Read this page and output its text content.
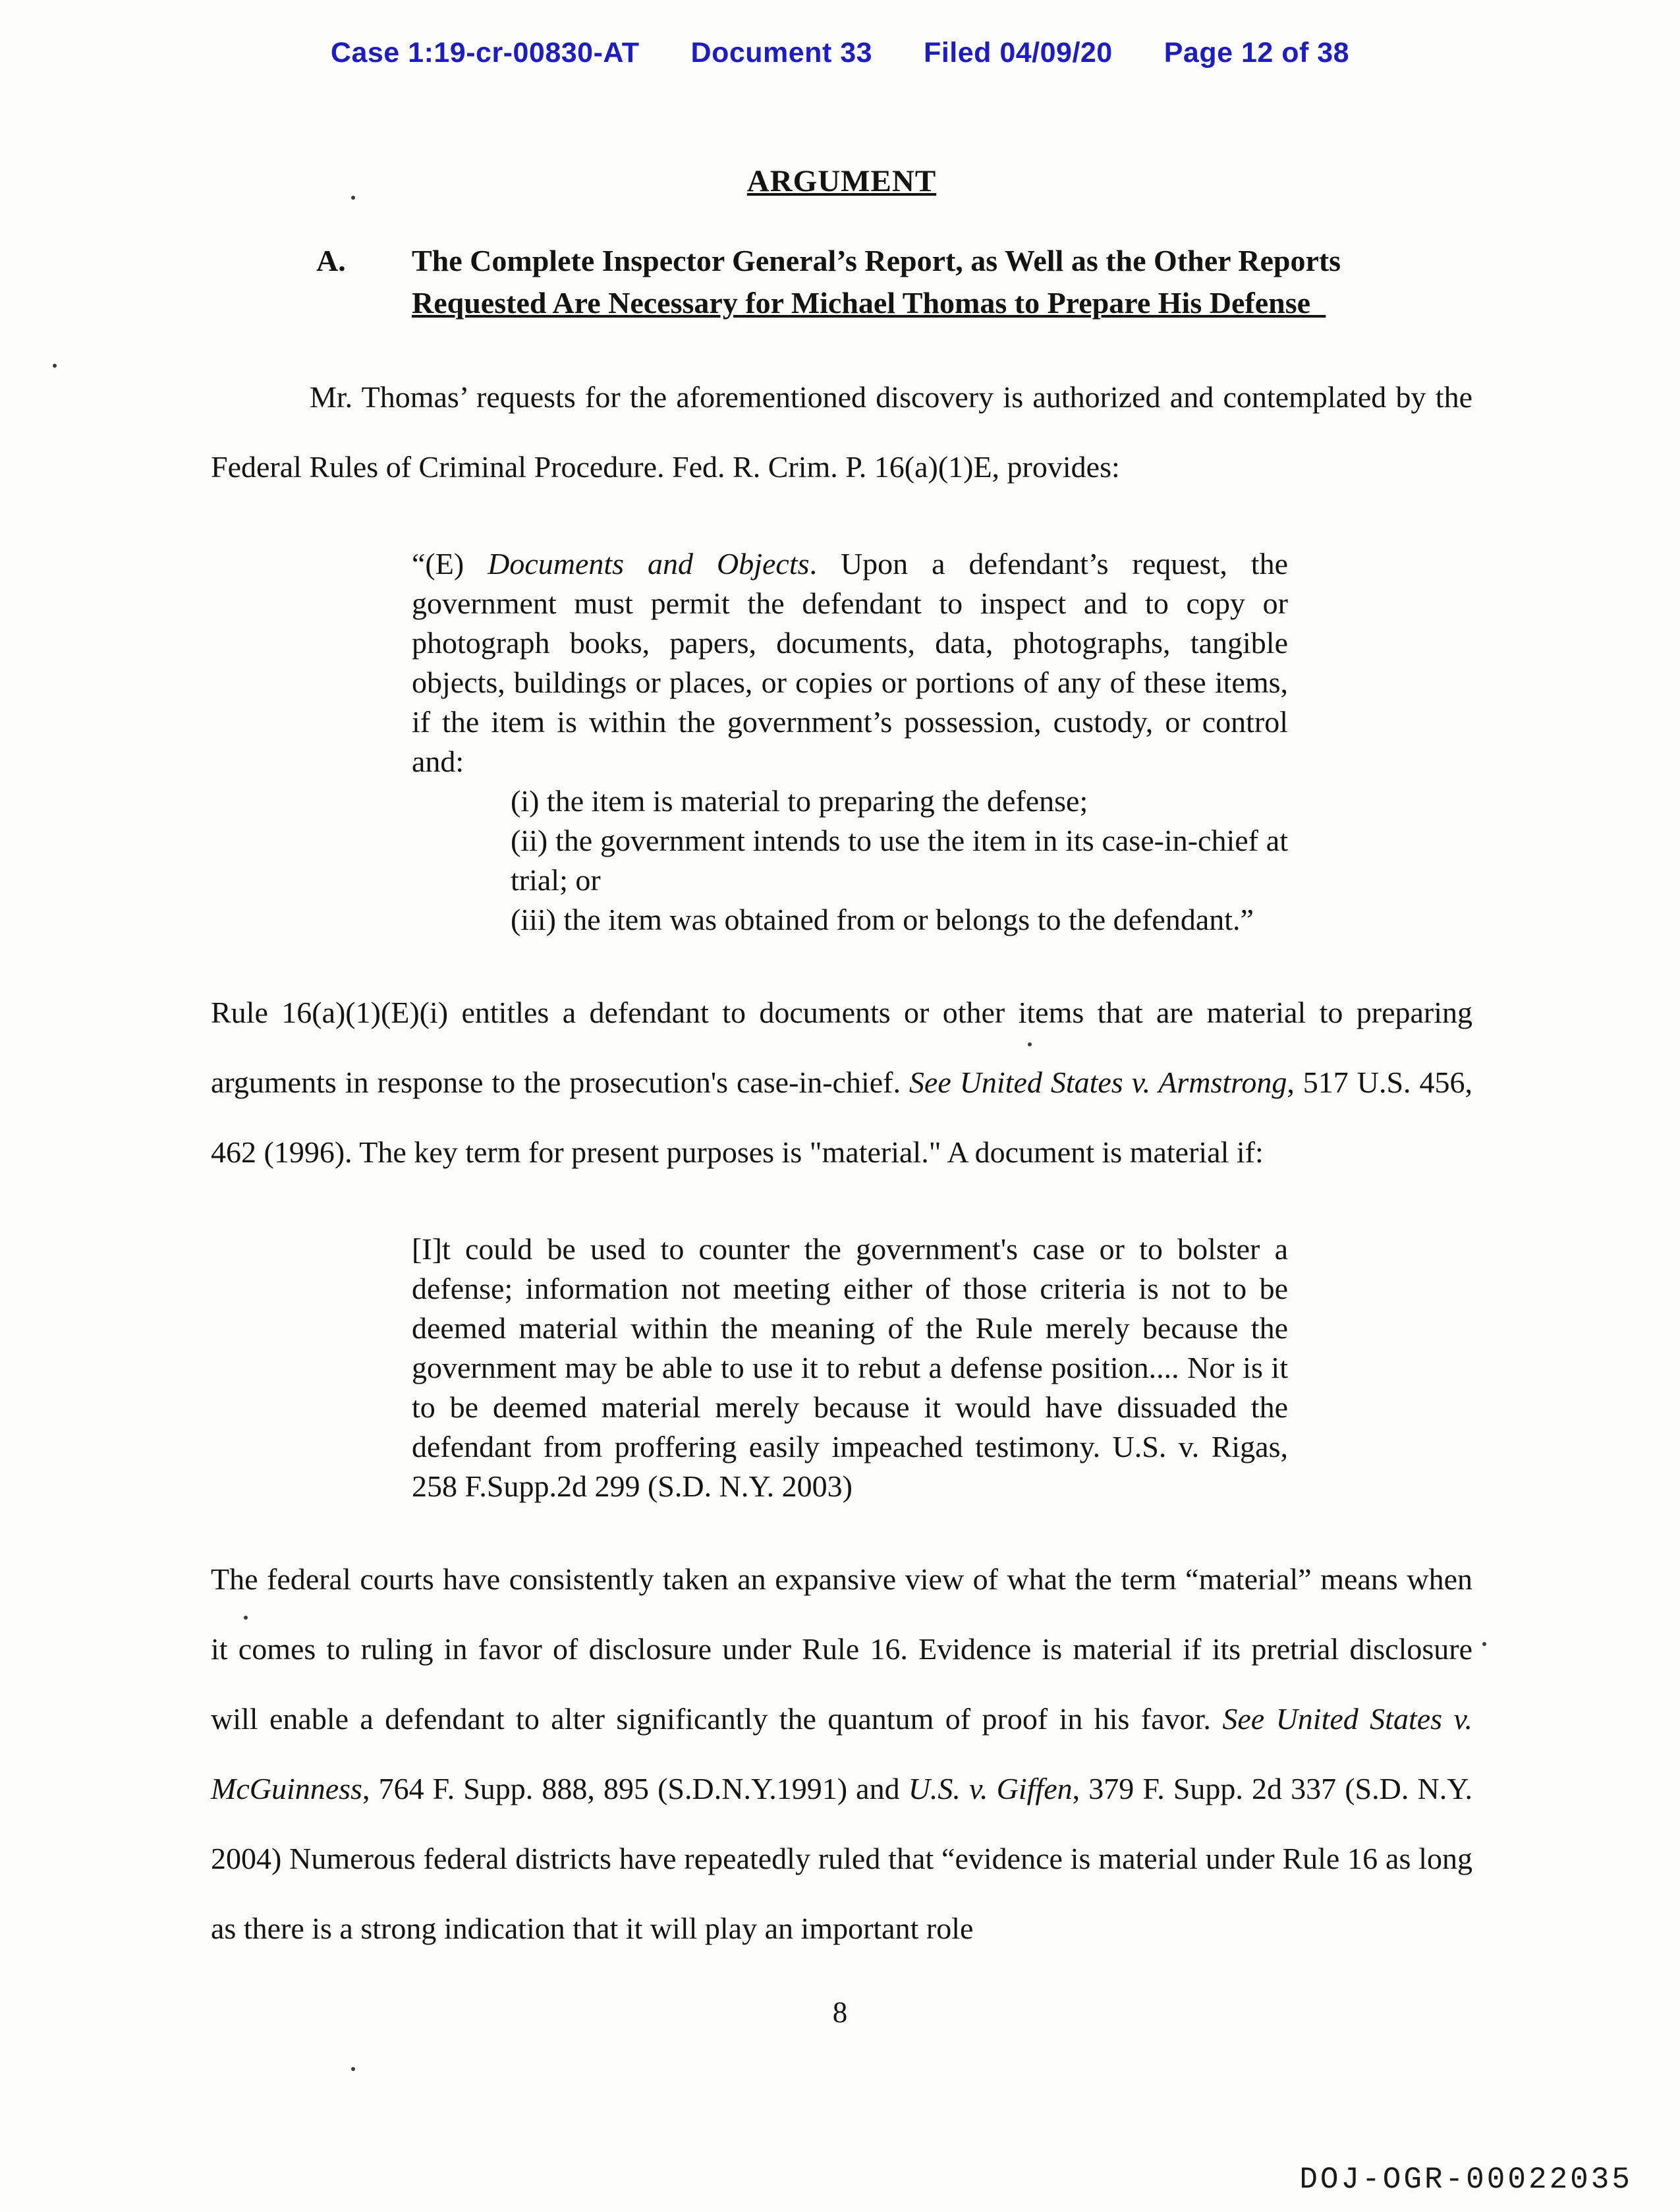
Case 1:19-cr-00830-AT Document 33 Filed 04/09/20 Page 12 of 38
ARGUMENT
A. The Complete Inspector General’s Report, as Well as the Other Reports
Requested Are Necessary for Michael Thomas to Prepare His Defense _

Mr. Thomas’ requests for the aforementioned discovery is authorized and contemplated by the Federal Rules of Criminal Procedure. Fed. R. Crim. P. 16(a)(1)E, provides:

“(E) Documents and Objects. Upon a defendant’s request, the government must permit the defendant to inspect and to copy or photograph books, papers, documents, data, photographs, tangible objects, buildings or places, or copies or portions of any of these items, if the item is within the government’s possession, custody, or control and:

(i) the item is material to preparing the defense;

(ii) the government intends to use the item in its case-in-chief at trial; or

(iii) the item was obtained from or belongs to the defendant.”

Rule 16(a)(1)(E)(i) entitles a defendant to documents or other items that are material to preparing arguments in response to the prosecution's case-in-chief. See United States v. Armstrong, 517 U.S. 456, 462 (1996). The key term for present purposes is "material." A document is material if:

[I]t could be used to counter the government's case or to bolster a defense; information not meeting either of those criteria is not to be deemed material within the meaning of the Rule merely because the government may be able to use it to rebut a defense position.... Nor is it to be deemed material merely because it would have dissuaded the defendant from proffering easily impeached testimony. U.S. v. Rigas, 258 F.Supp.2d 299 (S.D. N.Y. 2003)

The federal courts have consistently taken an expansive view of what the term “material” means when it comes to ruling in favor of disclosure under Rule 16. Evidence is material if its pretrial disclosure will enable a defendant to alter significantly the quantum of proof in his favor. See United States v. McGuinness, 764 F. Supp. 888, 895 (S.D.N.Y.1991) and U.S. v. Giffen, 379 F. Supp. 2d 337 (S.D. N.Y. 2004) Numerous federal districts have repeatedly ruled that “evidence is material under Rule 16 as long as there is a strong indication that it will play an important role

8
DOJ-OGR-00022035
